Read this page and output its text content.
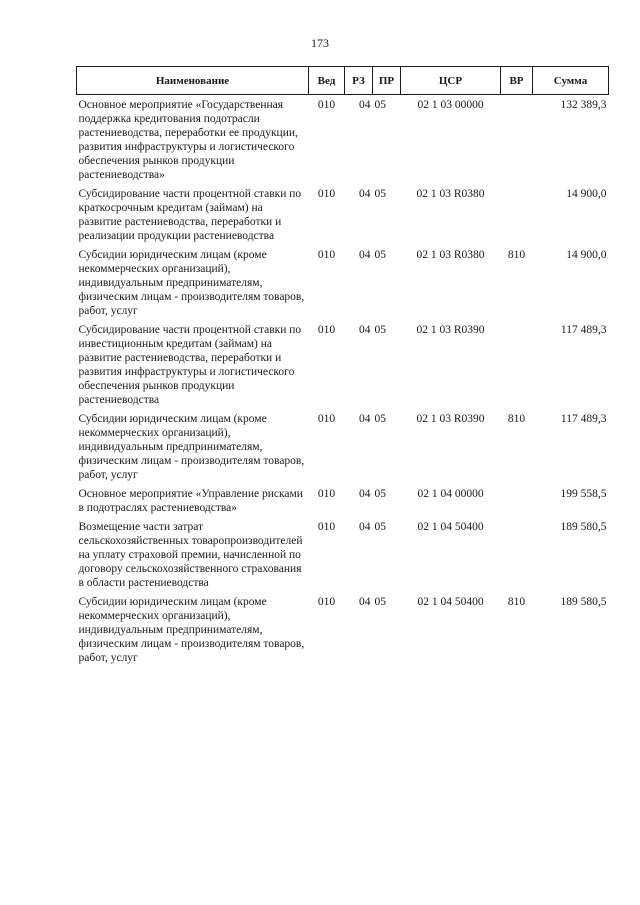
173
Наименование	Вед	РЗ	ПР	ЦСР	ВР	Сумма
Основное мероприятие «Государственная поддержка кредитования подотрасли растениеводства, переработки ее продукции, развития инфраструктуры и логистического обеспечения рынков продукции растениеводства»	010	04	05	02 1 03 00000		132 389,3
Субсидирование части процентной ставки по краткосрочным кредитам (займам) на развитие растениеводства, переработки и реализации продукции растениеводства	010	04	05	02 1 03 R0380		14 900,0
Субсидии юридическим лицам (кроме некоммерческих организаций), индивидуальным предпринимателям, физическим лицам - производителям товаров, работ, услуг	010	04	05	02 1 03 R0380	810	14 900,0
Субсидирование части процентной ставки по инвестиционным кредитам (займам) на развитие растениеводства, переработки и развития инфраструктуры и логистического обеспечения рынков продукции растениеводства	010	04	05	02 1 03 R0390		117 489,3
Субсидии юридическим лицам (кроме некоммерческих организаций), индивидуальным предпринимателям, физическим лицам - производителям товаров, работ, услуг	010	04	05	02 1 03 R0390	810	117 489,3
Основное мероприятие «Управление рисками в подотраслях растениеводства»	010	04	05	02 1 04 00000		199 558,5
Возмещение части затрат сельскохозяйственных товаропроизводителей на уплату страховой премии, начисленной по договору сельскохозяйственного страхования в области растениеводства	010	04	05	02 1 04 50400		189 580,5
Субсидии юридическим лицам (кроме некоммерческих организаций), индивидуальным предпринимателям, физическим лицам - производителям товаров, работ, услуг	010	04	05	02 1 04 50400	810	189 580,5
